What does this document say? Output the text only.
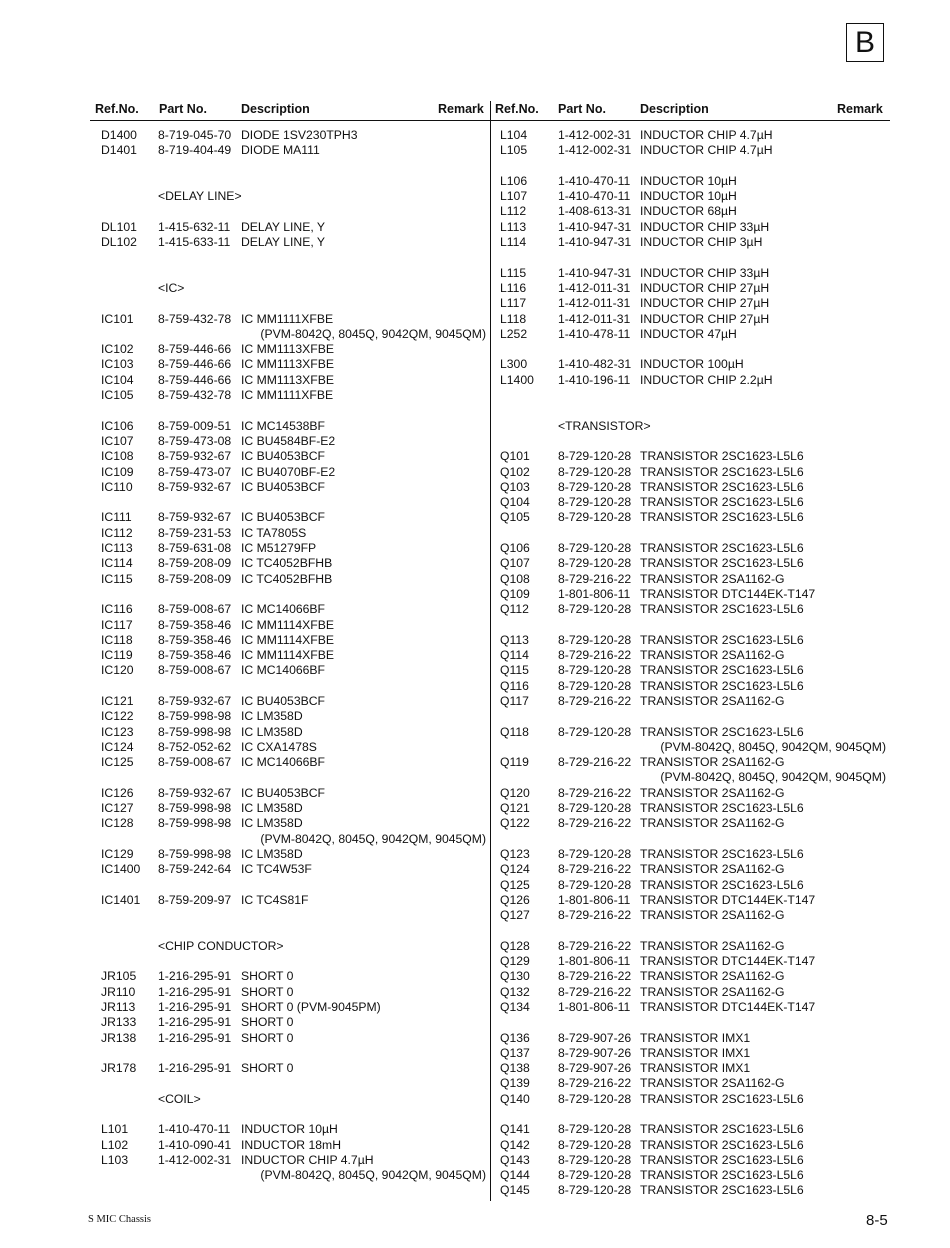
B
Ref.No. Part No.	Description	Remark Ref.No. Part No.	Description	Remark
D1400 8-719-045-70 DIODE 1SV230TPH3
D1401 8-719-404-49 DIODE MA111
<DELAY LINE>
DL101 1-415-632-11 DELAY LINE, Y
DL102 1-415-633-11 DELAY LINE, Y
<IC>
IC101 8-759-432-78 IC MM1111XFBE
(PVM-8042Q, 8045Q, 9042QM, 9045QM)
IC102 8-759-446-66 IC MM1113XFBE
IC103 8-759-446-66 IC MM1113XFBE
IC104 8-759-446-66 IC MM1113XFBE
IC105 8-759-432-78 IC MM1111XFBE
IC106 8-759-009-51 IC MC14538BF
IC107 8-759-473-08 IC BU4584BF-E2
IC108 8-759-932-67 IC BU4053BCF
IC109 8-759-473-07 IC BU4070BF-E2
IC110 8-759-932-67 IC BU4053BCF
IC111 8-759-932-67 IC BU4053BCF
IC112 8-759-231-53 IC TA7805S
IC113 8-759-631-08 IC M51279FP
IC114 8-759-208-09 IC TC4052BFHB
IC115 8-759-208-09 IC TC4052BFHB
IC116 8-759-008-67 IC MC14066BF
IC117 8-759-358-46 IC MM1114XFBE
IC118 8-759-358-46 IC MM1114XFBE
IC119 8-759-358-46 IC MM1114XFBE
IC120 8-759-008-67 IC MC14066BF
IC121 8-759-932-67 IC BU4053BCF
IC122 8-759-998-98 IC LM358D
IC123 8-759-998-98 IC LM358D
IC124 8-752-052-62 IC CXA1478S
IC125 8-759-008-67 IC MC14066BF
IC126 8-759-932-67 IC BU4053BCF
IC127 8-759-998-98 IC LM358D
IC128 8-759-998-98 IC LM358D
(PVM-8042Q, 8045Q, 9042QM, 9045QM)
IC129 8-759-998-98 IC LM358D
IC1400 8-759-242-64 IC TC4W53F
IC1401 8-759-209-97 IC TC4S81F
<CHIP CONDUCTOR>
JR105 1-216-295-91 SHORT 0
JR110 1-216-295-91 SHORT 0
JR113 1-216-295-91 SHORT 0 (PVM-9045PM)
JR133 1-216-295-91 SHORT 0
JR138 1-216-295-91 SHORT 0
JR178 1-216-295-91 SHORT 0
<COIL>
L101 1-410-470-11 INDUCTOR 10µH
L102 1-410-090-41 INDUCTOR 18mH
L103 1-412-002-31 INDUCTOR CHIP 4.7µH
(PVM-8042Q, 8045Q, 9042QM, 9045QM)
L104	1-412-002-31 INDUCTOR CHIP 4.7µH
L105	1-412-002-31 INDUCTOR CHIP 4.7µH
L106	1-410-470-11 INDUCTOR 10µH
L107	1-410-470-11 INDUCTOR 10µH
L112	1-408-613-31 INDUCTOR 68µH
L113	1-410-947-31 INDUCTOR CHIP 33µH
L114	1-410-947-31 INDUCTOR CHIP 3µH
L115	1-410-947-31 INDUCTOR CHIP 33µH
L116	1-412-011-31 INDUCTOR CHIP 27µH
L117	1-412-011-31 INDUCTOR CHIP 27µH
L118	1-412-011-31 INDUCTOR CHIP 27µH
L252	1-410-478-11 INDUCTOR 47µH
L300	1-410-482-31 INDUCTOR 100µH
L1400 1-410-196-11 INDUCTOR CHIP 2.2µH
<TRANSISTOR>
Q101 8-729-120-28 TRANSISTOR 2SC1623-L5L6
Q102 8-729-120-28 TRANSISTOR 2SC1623-L5L6
Q103 8-729-120-28 TRANSISTOR 2SC1623-L5L6
Q104 8-729-120-28 TRANSISTOR 2SC1623-L5L6
Q105 8-729-120-28 TRANSISTOR 2SC1623-L5L6
Q106 8-729-120-28 TRANSISTOR 2SC1623-L5L6
Q107 8-729-120-28 TRANSISTOR 2SC1623-L5L6
Q108 8-729-216-22 TRANSISTOR 2SA1162-G
Q109 1-801-806-11 TRANSISTOR DTC144EK-T147
Q112 8-729-120-28 TRANSISTOR 2SC1623-L5L6
Q113 8-729-120-28 TRANSISTOR 2SC1623-L5L6
Q114 8-729-216-22 TRANSISTOR 2SA1162-G
Q115 8-729-120-28 TRANSISTOR 2SC1623-L5L6
Q116 8-729-120-28 TRANSISTOR 2SC1623-L5L6
Q117 8-729-216-22 TRANSISTOR 2SA1162-G
Q118 8-729-120-28 TRANSISTOR 2SC1623-L5L6
(PVM-8042Q, 8045Q, 9042QM, 9045QM)
Q119 8-729-216-22 TRANSISTOR 2SA1162-G
(PVM-8042Q, 8045Q, 9042QM, 9045QM)
Q120 8-729-216-22 TRANSISTOR 2SA1162-G
Q121 8-729-120-28 TRANSISTOR 2SC1623-L5L6
Q122 8-729-216-22 TRANSISTOR 2SA1162-G
Q123 8-729-120-28 TRANSISTOR 2SC1623-L5L6
Q124 8-729-216-22 TRANSISTOR 2SA1162-G
Q125 8-729-120-28 TRANSISTOR 2SC1623-L5L6
Q126 1-801-806-11 TRANSISTOR DTC144EK-T147
Q127 8-729-216-22 TRANSISTOR 2SA1162-G
Q128 8-729-216-22 TRANSISTOR 2SA1162-G
Q129 1-801-806-11 TRANSISTOR DTC144EK-T147
Q130 8-729-216-22 TRANSISTOR 2SA1162-G
Q132 8-729-216-22 TRANSISTOR 2SA1162-G
Q134 1-801-806-11 TRANSISTOR DTC144EK-T147
Q136 8-729-907-26 TRANSISTOR IMX1
Q137 8-729-907-26 TRANSISTOR IMX1
Q138 8-729-907-26 TRANSISTOR IMX1
Q139 8-729-216-22 TRANSISTOR 2SA1162-G
Q140 8-729-120-28 TRANSISTOR 2SC1623-L5L6
Q141 8-729-120-28 TRANSISTOR 2SC1623-L5L6
Q142 8-729-120-28 TRANSISTOR 2SC1623-L5L6
Q143 8-729-120-28 TRANSISTOR 2SC1623-L5L6
Q144 8-729-120-28 TRANSISTOR 2SC1623-L5L6
Q145 8-729-120-28 TRANSISTOR 2SC1623-L5L6
S MIC Chassis	8-5
